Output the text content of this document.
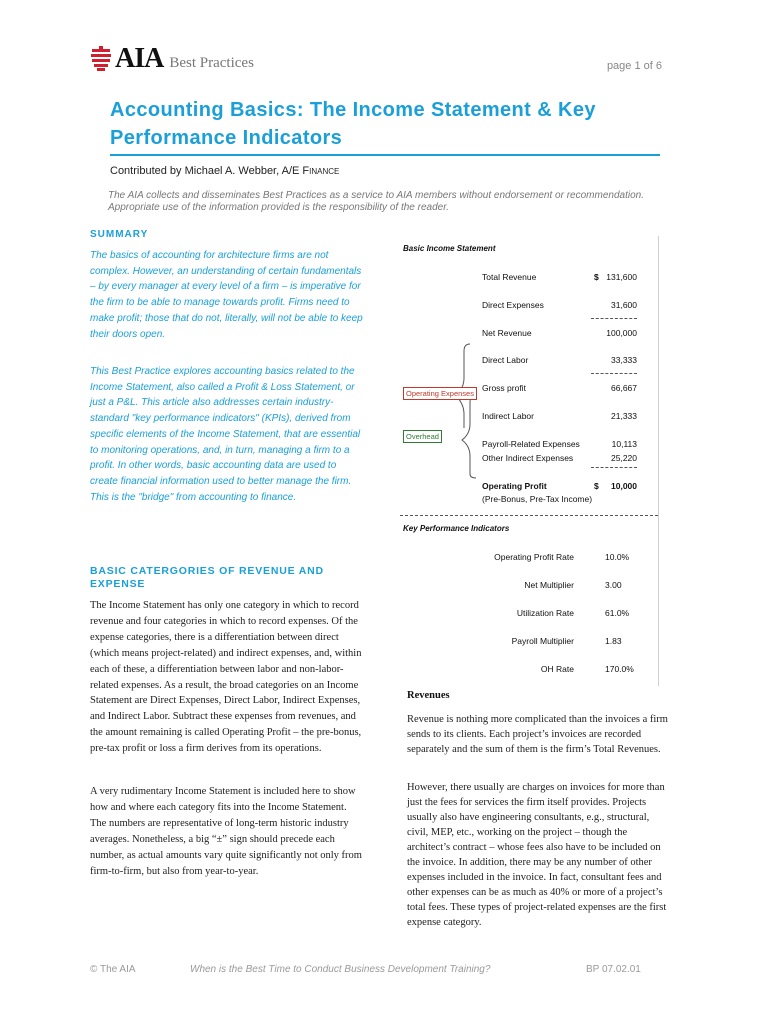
AIA Best Practices	page 1 of 6
Accounting Basics: The Income Statement & Key Performance Indicators
Contributed by Michael A. Webber, A/E FINANCE
The AIA collects and disseminates Best Practices as a service to AIA members without endorsement or recommendation. Appropriate use of the information provided is the responsibility of the reader.
SUMMARY

The basics of accounting for architecture firms are not complex. However, an understanding of certain fundamentals – by every manager at every level of a firm – is imperative for the firm to be able to manage towards profit. Firms need to make profit; those that do not, literally, will not be able to keep their doors open.

This Best Practice explores accounting basics related to the Income Statement, also called a Profit & Loss Statement, or just a P&L. This article also addresses certain industry-standard "key performance indicators" (KPIs), derived from specific elements of the Income Statement, that are essential to monitoring operations, and, in turn, managing a firm to a profit. In other words, basic accounting data are used to create financial information used to better manage the firm. This is the "bridge" from accounting to finance.

BASIC CATERGORIES OF REVENUE AND EXPENSE

The Income Statement has only one category in which to record revenue and four categories in which to record expenses. Of the expense categories, there is a differentiation between direct (which means project-related) and indirect expenses, and, within each of these, a differentiation between labor and non-labor- related expenses. As a result, the broad categories on an Income Statement are Direct Expenses, Direct Labor, Indirect Expenses, and Indirect Labor. Subtract these expenses from revenues, and the amount remaining is called Operating Profit – the pre-bonus, pre-tax profit or loss a firm derives from its operations.

A very rudimentary Income Statement is included here to show how and where each category fits into the Income Statement. The numbers are representative of long-term historic industry averages. Nonetheless, a big “±” sign should precede each number, as actual amounts vary quite significantly not only from firm-to-firm, but also from year-to-year.

Basic Income Statement
Total Revenue	$ 131,600
Direct Expenses	31,600
Net Revenue	100,000
Direct Labor	33,333
Gross profit	66,667
Indirect Labor	21,333
Payroll-Related Expenses	10,113
Other Indirect Expenses	25,220
Operating Profit	$	10,000
(Pre-Bonus, Pre-Tax Income)
Operating Expenses
Overhead
Key Performance Indicators
Operating Profit Rate	10.0%
Net Multiplier	3.00
Utilization Rate	61.0%
Payroll Multiplier	1.83
OH Rate	170.0%
Revenues

Revenue is nothing more complicated than the invoices a firm sends to its clients. Each project’s invoices are recorded separately and the sum of them is the firm’s Total Revenues.

However, there usually are charges on invoices for more than just the fees for services the firm itself provides. Projects usually also have engineering consultants, e.g., structural, civil, MEP, etc., working on the project – though the architect’s contract – whose fees also have to be included on the invoice. In addition, there may be any number of other expenses included in the invoice. In fact, consultant fees and other expenses can be as much as 40% or more of a project’s total fees. These types of project-related expenses are the first expense category.

© The AIA	When is the Best Time to Conduct Business Development Training?	BP 07.02.01
